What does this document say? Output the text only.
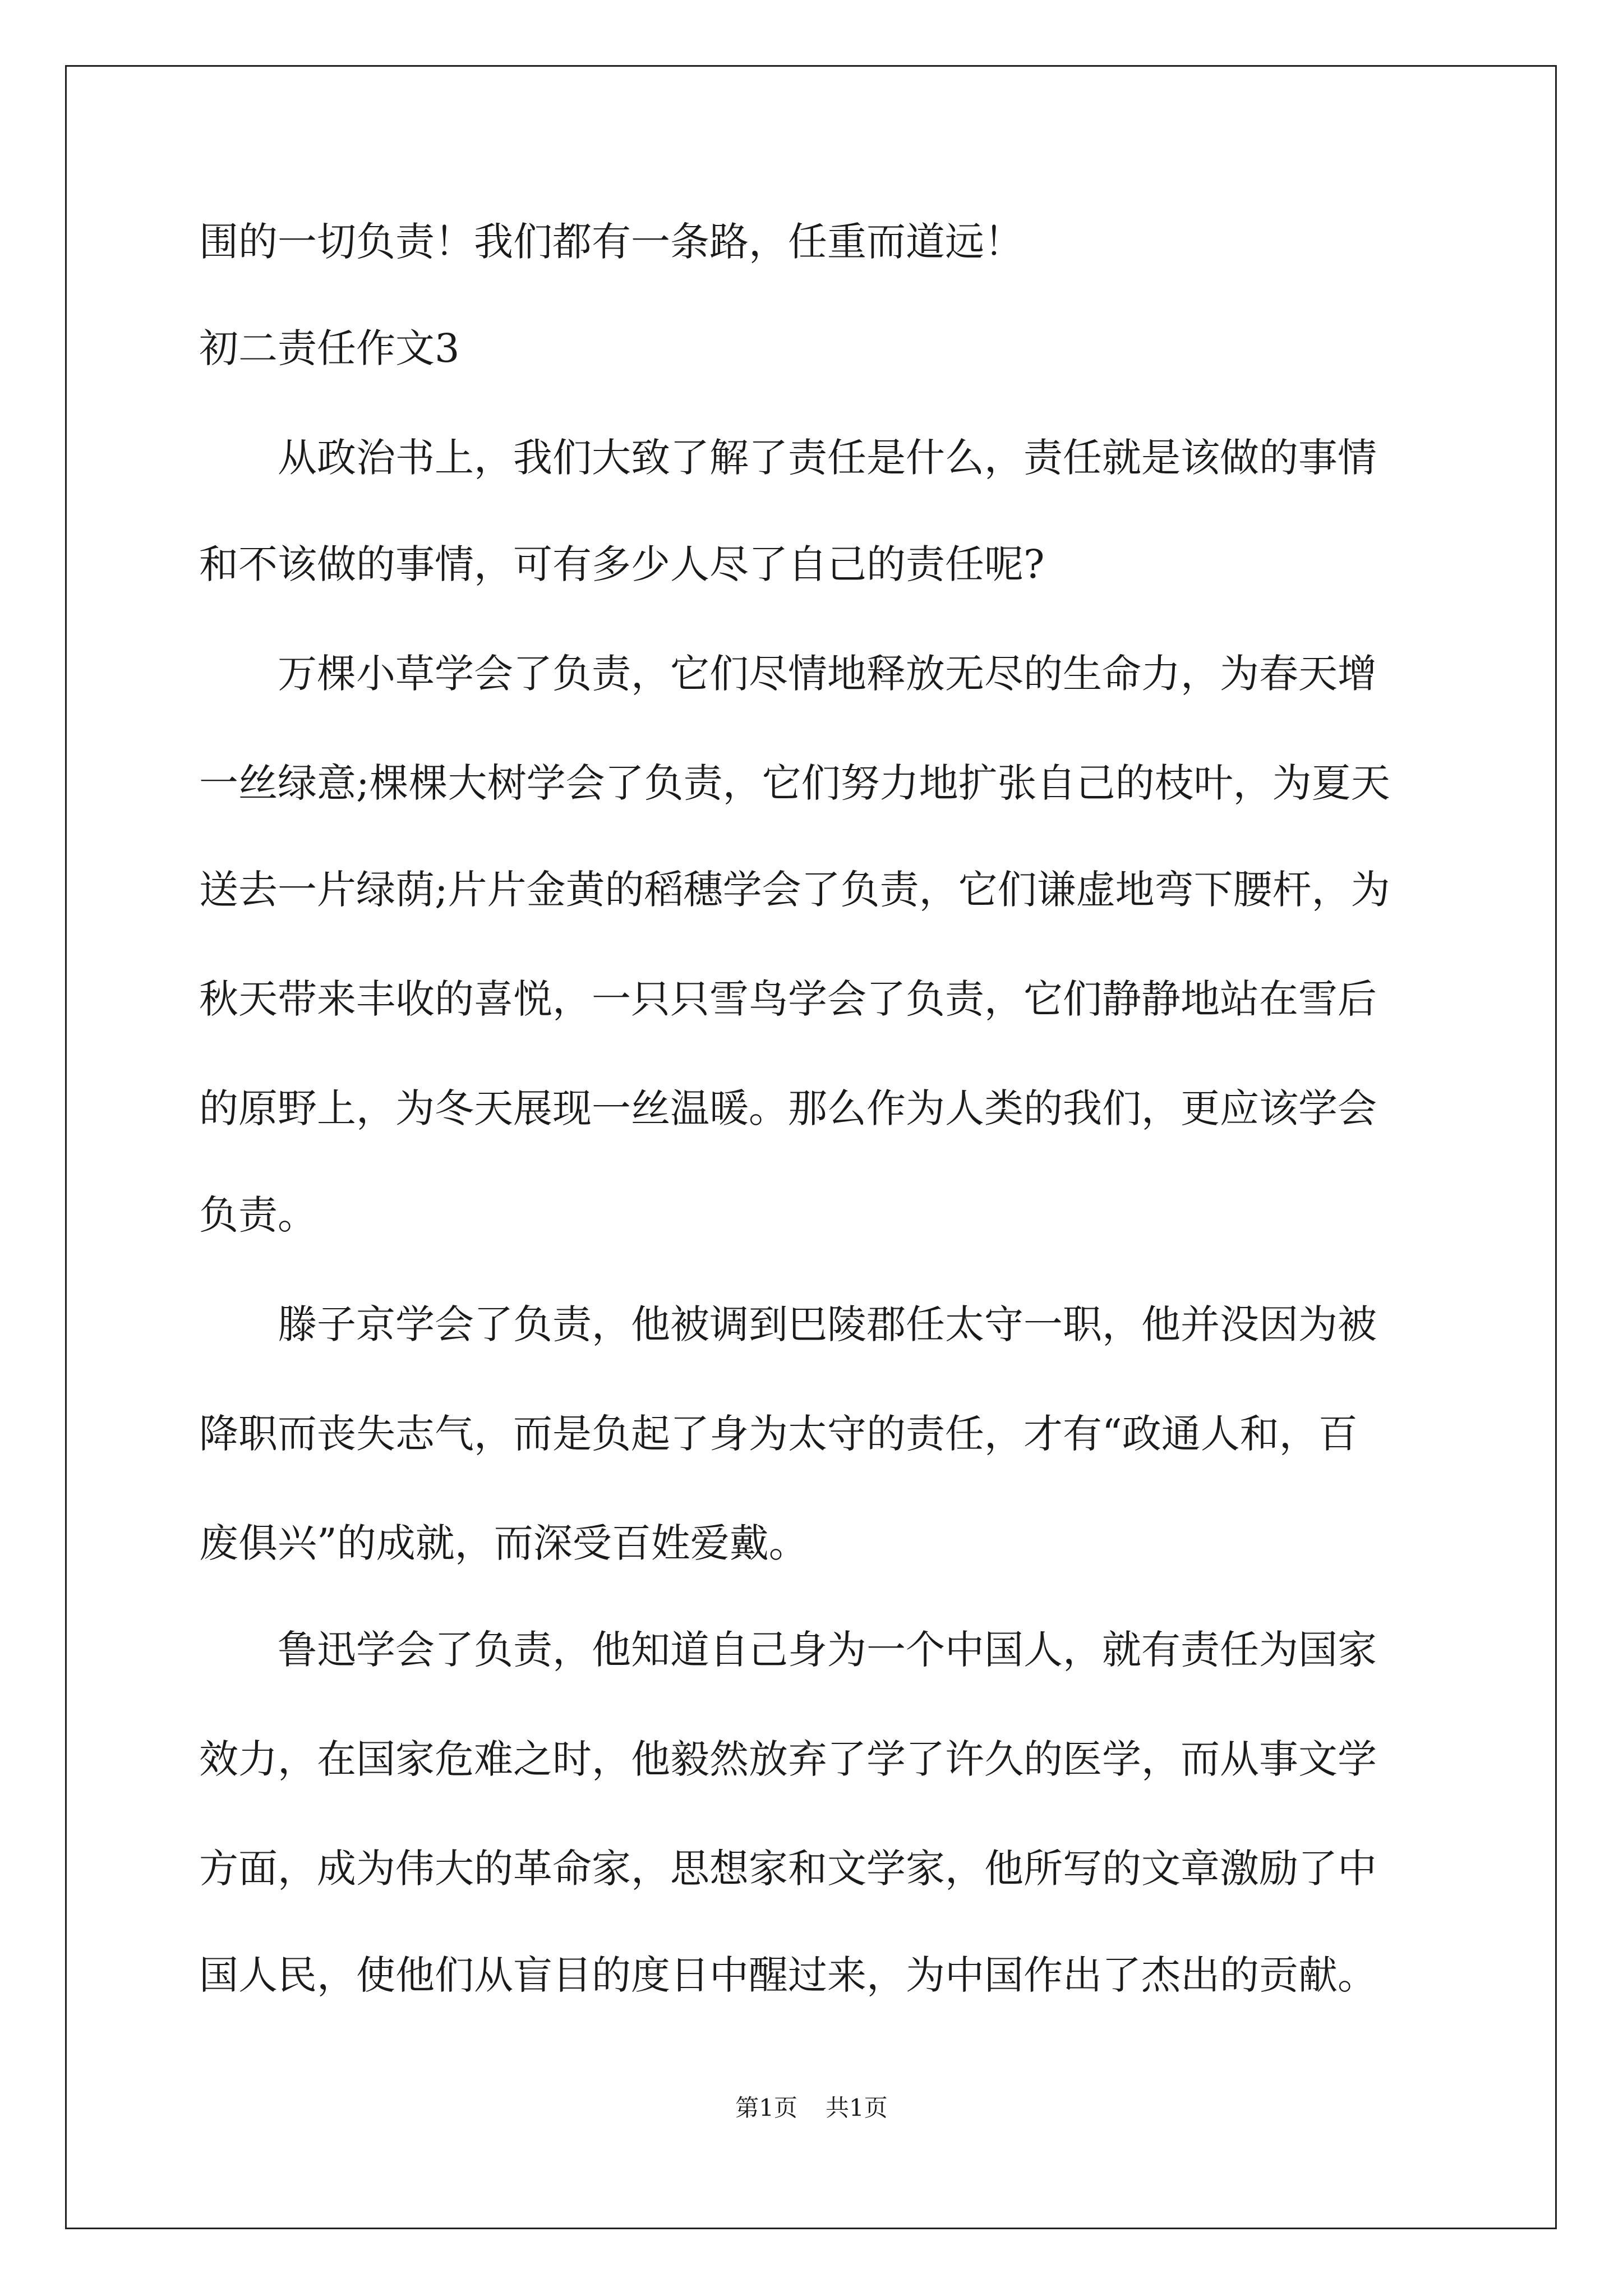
围的一切负责！我们都有一条路，任重而道远！
初二责任作文3
　　从政治书上，我们大致了解了责任是什么，责任就是该做的事情
和不该做的事情，可有多少人尽了自己的责任呢?
　　万棵小草学会了负责，它们尽情地释放无尽的生命力，为春天增
一丝绿意;棵棵大树学会了负责，它们努力地扩张自己的枝叶，为夏天
送去一片绿荫;片片金黄的稻穗学会了负责，它们谦虚地弯下腰杆，为
秋天带来丰收的喜悦，一只只雪鸟学会了负责，它们静静地站在雪后
的原野上，为冬天展现一丝温暖。那么作为人类的我们，更应该学会
负责。
　　滕子京学会了负责，他被调到巴陵郡任太守一职，他并没因为被
降职而丧失志气，而是负起了身为太守的责任，才有“政通人和，百
废俱兴”的成就，而深受百姓爱戴。
　　鲁迅学会了负责，他知道自己身为一个中国人，就有责任为国家
效力，在国家危难之时，他毅然放弃了学了许久的医学，而从事文学
方面，成为伟大的革命家，思想家和文学家，他所写的文章激励了中
国人民，使他们从盲目的度日中醒过来，为中国作出了杰出的贡献。
第1页 共1页
